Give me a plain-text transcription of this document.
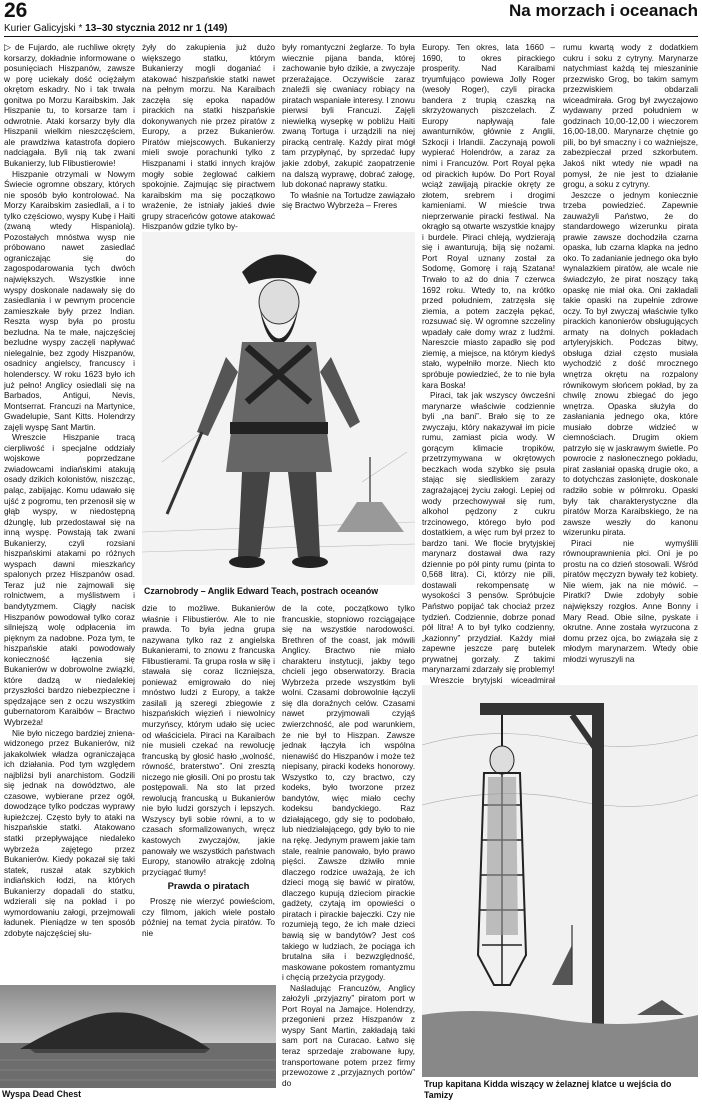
26
Kurier Galicyjski * 13–30 stycznia 2012 nr 1 (149)
Na morzach i oceanach

▷ de Fujardo, ale ruchliwe okręty korsarzy, dokładnie informowane o posunięciach Hiszpanów, zawsze w porę uciekały dość ociężałym okrętom eskadry. No i tak trwała gonitwa po Morzu Karaibskim. Jak Hiszpanie tu, to korsarze tam i odwrotnie. Ataki korsarzy były dla Hiszpanii wielkim nieszczęściem, ale prawdziwa katastrofa dopiero nadciągała. Byli nią tak zwani Bukanierzy, lub Flibustierowie!

Hiszpanie otrzymali w Nowym Świecie ogromne obszary, których nie sposób było kontrolować. Na Morzy Karaibskim zasiedlali, a i to tylko częściowo, wyspy Kubę i Haiti (zwaną wtedy Hispaniolą). Pozostałych mnóstwa wysp nie próbowano nawet zasiedlać ograniczając się do zagospodarowania tych dwóch największych. Wszystkie inne wyspy doskonale nadawały się do zasiedlania i w pewnym procencie zamieszkałe były przez Indian. Reszta wysp była po prostu bezludna. Na te małe, najczęściej bezludne wyspy zaczęli napływać nielegalnie, bez zgody Hiszpanów, osadnicy angielscy, francuscy i holenderscy. W roku 1623 było ich już pełno! Anglicy osiedlali się na Barbados, Antigui, Nevis, Montserrat. Francuzi na Martynice, Gwadelupie, Sant Kitts. Holendrzy zajęli wyspę Sant Martin.

Wreszcie Hiszpanie tracą cierpliwość i specjalne oddziały wojskowe poprzedzane zwiadowcami indiańskimi atakują osady dzikich kolonistów, niszcząc, paląc, zabijając. Komu udawało się ujść z pogromu, ten przenosił się w głąb wyspy, w niedostępną dżunglę, lub przedostawał się na inną wyspę. Powstają tak zwani Bukanierzy, czyli rozsiani hiszpańskimi atakami po różnych wyspach dawni mieszkańcy spalonych przez Hiszpanów osad. Teraz już nie zajmowali się rolnictwem, a myślistwem i bandytyzmem. Ciągły nacisk Hiszpanów powodował tylko coraz silniejszą wolę odpłacenia im pięknym za nadobne. Poza tym, te hiszpańskie ataki powodowały konieczność łączenia się Bukanierów w dobrowolne związki, które dadzą w niedalekiej przyszłości bardzo niebezpieczne i spędzające sen z oczu wszystkim gubernatorom Karaibów – Bractwo Wybrzeża!

Nie było niczego bardziej zniena- widzonego przez Bukanierów, niż jakakolwiek władza ograniczająca ich działania. Pod tym względem najbliżsi byli anarchistom. Godzili się jednak na dowództwo, ale czasowe, wybierane przez ogół, dowodzące tylko podczas wyprawy łupieżczej. Często były to ataki na hiszpańskie statki. Atakowano statki przepływające niedaleko wybrzeża zajętego przez Bukanierów. Kiedy pokazał się taki statek, ruszał atak szybkich indiańskich łodzi, na których Bukanierzy dopadali do statku, wdzierali się na pokład i po wymordowaniu załogi, przejmowali ładunek. Pieniądze w ten sposób zdobyte najczęściej słu-

żyły do zakupienia już dużo większego statku, którym Bukanierzy mogli doganiać i atakować hiszpańskie statki nawet na pełnym morzu. Na Karaibach zaczęła się epoka napadów pirackich na statki hiszpańskie dokonywanych nie przez piratów z Europy, a przez Bukanierów. Piratów miejscowych. Bukanierzy mieli swoje porachunki tylko z Hiszpanami i statki innych krajów mogły sobie żeglować całkiem spokojnie. Zajmując się piractwem karaibskim ma się początkowo wrażenie, że istniały jakieś dwie grupy straceńców gotowe atakować Hiszpanów gdzie tylko by-

były romantyczni żeglarze. To była wiecznie pijana banda, której zachowanie było dzikie, a zwyczaje przerażające. Oczywiście zaraz znaleźli się cwaniacy robiący na piratach wspaniałe interesy. I znowu pierwsi byli Francuzi. Zajęli niewielką wysepkę w pobliżu Haiti zwaną Tortuga i urządzili na niej piracką centralę. Każdy pirat mógł tam przypłynąć, by sprzedać łupy jakie zdobył, zakupić zaopatrzenie na dalszą wyprawę, dobrać załogę, lub dokonać naprawy statku.

To właśnie na Tortudze zawiązało się Bractwo Wybrzeża – Freres

Czarnobrody – Anglik Edward Teach, postrach oceanów

dzie to możliwe. Bukanierów właśnie i Flibustierów. Ale to nie prawda. To była jedna grupa nazywana tylko raz z angielska Bukanierami, to znowu z francuska Flibustierami. Ta grupa rosła w siłę i stawała się coraz liczniejsza, ponieważ emigrowało do niej mnóstwo ludzi z Europy, a także zasilali ją szeregi zbiegowie z hiszpańskich więzień i niewolnicy murzyńscy, którym udało się uciec od właściciela. Piraci na Karaibach nie musieli czekać na rewolucję francuską by głosić hasło „wolność, równość, braterstwo”. Oni zresztą niczego nie głosili. Oni po prostu tak postępowali. Na sto lat przed rewolucją francuską u Bukanierów nie było ludzi gorszych i lepszych. Wszyscy byli sobie równi, a to w czasach sformalizowanych, wręcz kastowych zwyczajów, jakie panowały we wszystkich państwach Europy, stanowiło atrakcję zdolną przyciągać tłumy!

Prawda o piratach

Proszę nie wierzyć powieściom, czy filmom, jakich wiele postało później na temat życia piratów. To nie

de la cote, początkowo tylko francuskie, stopniowo rozciągające się na wszystkie narodowości. Brethren of the coast, jak mówili Anglicy. Bractwo nie miało charakteru instytucji, jakby tego chcieli jego obserwatorzy. Bracia Wybrzeża przede wszystkim byli wolni. Czasami dobrowolnie łączyli się dla doraźnych celów. Czasami nawet przyjmowali czyjąś zwierzchność, ale pod warunkiem, że nie był to Hiszpan. Zawsze jednak łączyła ich wspólna nienawiść do Hiszpanów i może też niepisany, piracki kodeks honorowy. Wszystko to, czy bractwo, czy kodeks, było tworzone przez bandytów, więc miało cechy kodeksu bandyckiego. Raz działającego, gdy się to podobało, lub niedziałającego, gdy było to nie na rękę. Jedynym prawem jakie tam stale, realnie panowało, było prawo pięści. Zawsze dziwiło mnie dlaczego rodzice uważają, że ich dzieci mogą się bawić w piratów, dlaczego kupują dzieciom pirackie gadżety, czytają im opowieści o piratach i pirackie bajeczki. Czy nie rozumieją tego, że ich małe dzieci bawią się w bandytów? Jest coś takiego w ludziach, że pociąga ich brutalna siła i bezwzględność, maskowane pokostem romantyzmu i chęcią przeżycia przygody.

Naśladując Francuzów, Anglicy założyli „przyjazny” piratom port w Port Royal na Jamajce. Holendrzy, przegonieni przez Hiszpanów z wyspy Sant Martin, zakładają taki sam port na Curacao. Łatwo się teraz sprzedaje zrabowane łupy, transportowane potem przez firmy przewozowe z „przyjaznych portów” do

Europy. Ten okres, lata 1660 – 1690, to okres pirackiego prosperity. Nad Karaibami tryumfująco powiewa Jolly Roger (wesoły Roger), czyli piracka bandera z trupią czaszką na skrzyżowanych piszczelach. Z Europy napływają fale awanturników, głównie z Anglii, Szkocji i Irlandii. Zaczynają powoli wypierać Holendrów, a zaraz za nimi i Francuzów. Port Royal pęka od pirackich łupów. Do Port Royal wciąż zawijają pirackie okręty ze złotem, srebrem i drogimi kamieniami. W mieście trwa nieprzerwanie piracki festiwal. Na okrągło są otwarte wszystkie knajpy i burdele. Piraci chleją, wydzierają się i awanturują, biją się nożami. Port Royal uznany został za Sodomę, Gomorę i rają Szatana! Trwało to aż do dnia 7 czerwca 1692 roku. Wtedy to, na krótko przed południem, zatrzęsła się ziemia, a potem zaczęła pękać, rozsuwać się. W ogromne szczeliny wpadały całe domy wraz z ludźmi. Nareszcie miasto zapadło się pod ziemię, a miejsce, na którym kiedyś stało, wypełniło morze. Niech kto spróbuje powiedzieć, że to nie była kara Boska!

Piraci, tak jak wszyscy ówcześni marynarze właściwie codziennie byli „na bani”. Brało się to ze zwyczaju, który nakazywał im picie rumu, zamiast picia wody. W gorącym klimacie tropików, przetrzymywana w okrętowych beczkach woda szybko się psuła stając się siedliskiem zarazy zagrażającej życiu załogi. Lepiej od wody przechowywał się rum, alkohol pędzony z cukru trzcinowego, którego było pod dostatkiem, a więc rum był przez to bardzo tani. We flocie brytyjskiej marynarz dostawał dwa razy dziennie po pół pinty rumu (pinta to 0,568 litra). Ci, którzy nie pili, dostawali rekompensatę w wysokości 3 pensów. Spróbujcie Państwo popijać tak chociaż przez tydzień. Codziennie, dobrze ponad pół litra! A to był tylko codzienny, „kazionny” przydział. Każdy miał zapewne jeszcze parę butelek prywatnej gorzały. Z takimi marynarzami zdarzały się problemy!

Wreszcie brytyjski wiceadmirał

rumu kwartą wody z dodatkiem cukru i soku z cytryny. Marynarze natychmiast każdą tej mieszaninie przezwisko Grog, bo takim samym przezwiskiem obdarzali wiceadmirała. Grog był zwyczajowo wydawany przed południem w godzinach 10,00-12,00 i wieczorem 16,00-18,00. Marynarze chętnie go pili, bo był smaczny i co ważniejsze, zabezpieczał przed szkorbutem. Jakoś nikt wtedy nie wpadł na pomysł, że nie jest to działanie grogu, a soku z cytryny.

Jeszcze o jednym koniecznie trzeba powiedzieć. Zapewnie zauważyli Państwo, że do standardowego wizerunku pirata prawie zawsze dochodziła czarna opaska, lub czarna klapka na jedno oko. To zadanianie jednego oka było wynalazkiem piratów, ale wcale nie świadczyło, że pirat noszący taką opaskę nie miał oka. Oni zakładali takie opaski na zupełnie zdrowe oczy. To był zwyczaj właściwie tylko pirackich kanonierów obsługujących armaty na dolnych pokładach artyleryjskich. Podczas bitwy, obsługa dział często musiała wychodzić z dość mrocznego wnętrza okrętu na rozpalony równikowym słońcem pokład, by za chwilę znowu zbiegać do jego wnętrza. Opaska służyła do zasłaniania jednego oka, które musiało dobrze widzieć w ciemnościach. Drugim okiem patrzyło się w jaskrawym świetle. Po powrocie z nasłonecznego pokładu, pirat zasłaniał opaską drugie oko, a to dotychczas zasłonięte, doskonale radziło sobie w półmroku. Opaski były tak charakterystyczne dla piratów Morza Karaibskiego, że na zawsze weszły do kanonu wizerunku pirata.

Piraci nie wymyślili równouprawnienia płci. Oni je po prostu na co dzień stosowali. Wśród piratów męczyzn bywały też kobiety. Nie wiem, jak na nie mówić. – Piratki? Dwie zdobyły sobie największy rozgłos. Anne Bonny i Mary Read. Obie silne, pyskate i okrutne. Anne została wyrzucona z domu przez ojca, bo związała się z młodym marynarzem. Wtedy obie młodzi wyruszyli na

Wyspa Dead Chest
Trup kapitana Kidda wiszący w żelaznej klatce u wejścia do Tamizy
